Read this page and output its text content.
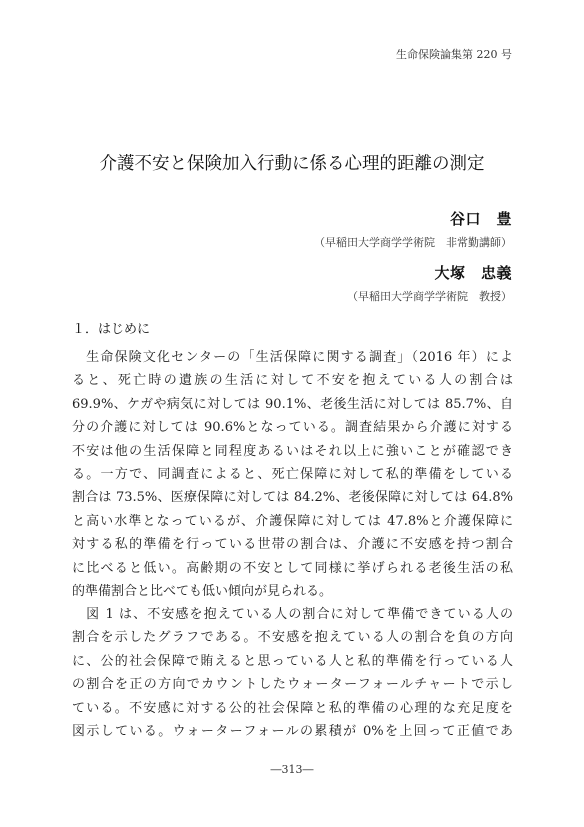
生命保険論集第 220 号
介護不安と保険加入行動に係る心理的距離の測定
谷口　豊
（早稲田大学商学学術院　非常勤講師）
大塚　忠義
（早稲田大学商学学術院　教授）
１．はじめに
　生命保険文化センターの「生活保障に関する調査」（2016 年）によ
ると、死亡時の遺族の生活に対して不安を抱えている人の割合は
69.9%、ケガや病気に対しては 90.1%、老後生活に対しては 85.7%、自
分の介護に対しては 90.6%となっている。調査結果から介護に対する
不安は他の生活保障と同程度あるいはそれ以上に強いことが確認でき
る。一方で、同調査によると、死亡保障に対して私的準備をしている
割合は 73.5%、医療保障に対しては 84.2%、老後保障に対しては 64.8%
と高い水準となっているが、介護保障に対しては 47.8%と介護保障に
対する私的準備を行っている世帯の割合は、介護に不安感を持つ割合
に比べると低い。高齢期の不安として同様に挙げられる老後生活の私
的準備割合と比べても低い傾向が見られる。
　図 1 は、不安感を抱えている人の割合に対して準備できている人の
割合を示したグラフである。不安感を抱えている人の割合を負の方向
に、公的社会保障で賄えると思っている人と私的準備を行っている人
の割合を正の方向でカウントしたウォーターフォールチャートで示し
ている。不安感に対する公的社会保障と私的準備の心理的な充足度を
図示している。ウォーターフォールの累積が 0%を上回って正値であ
―313―
